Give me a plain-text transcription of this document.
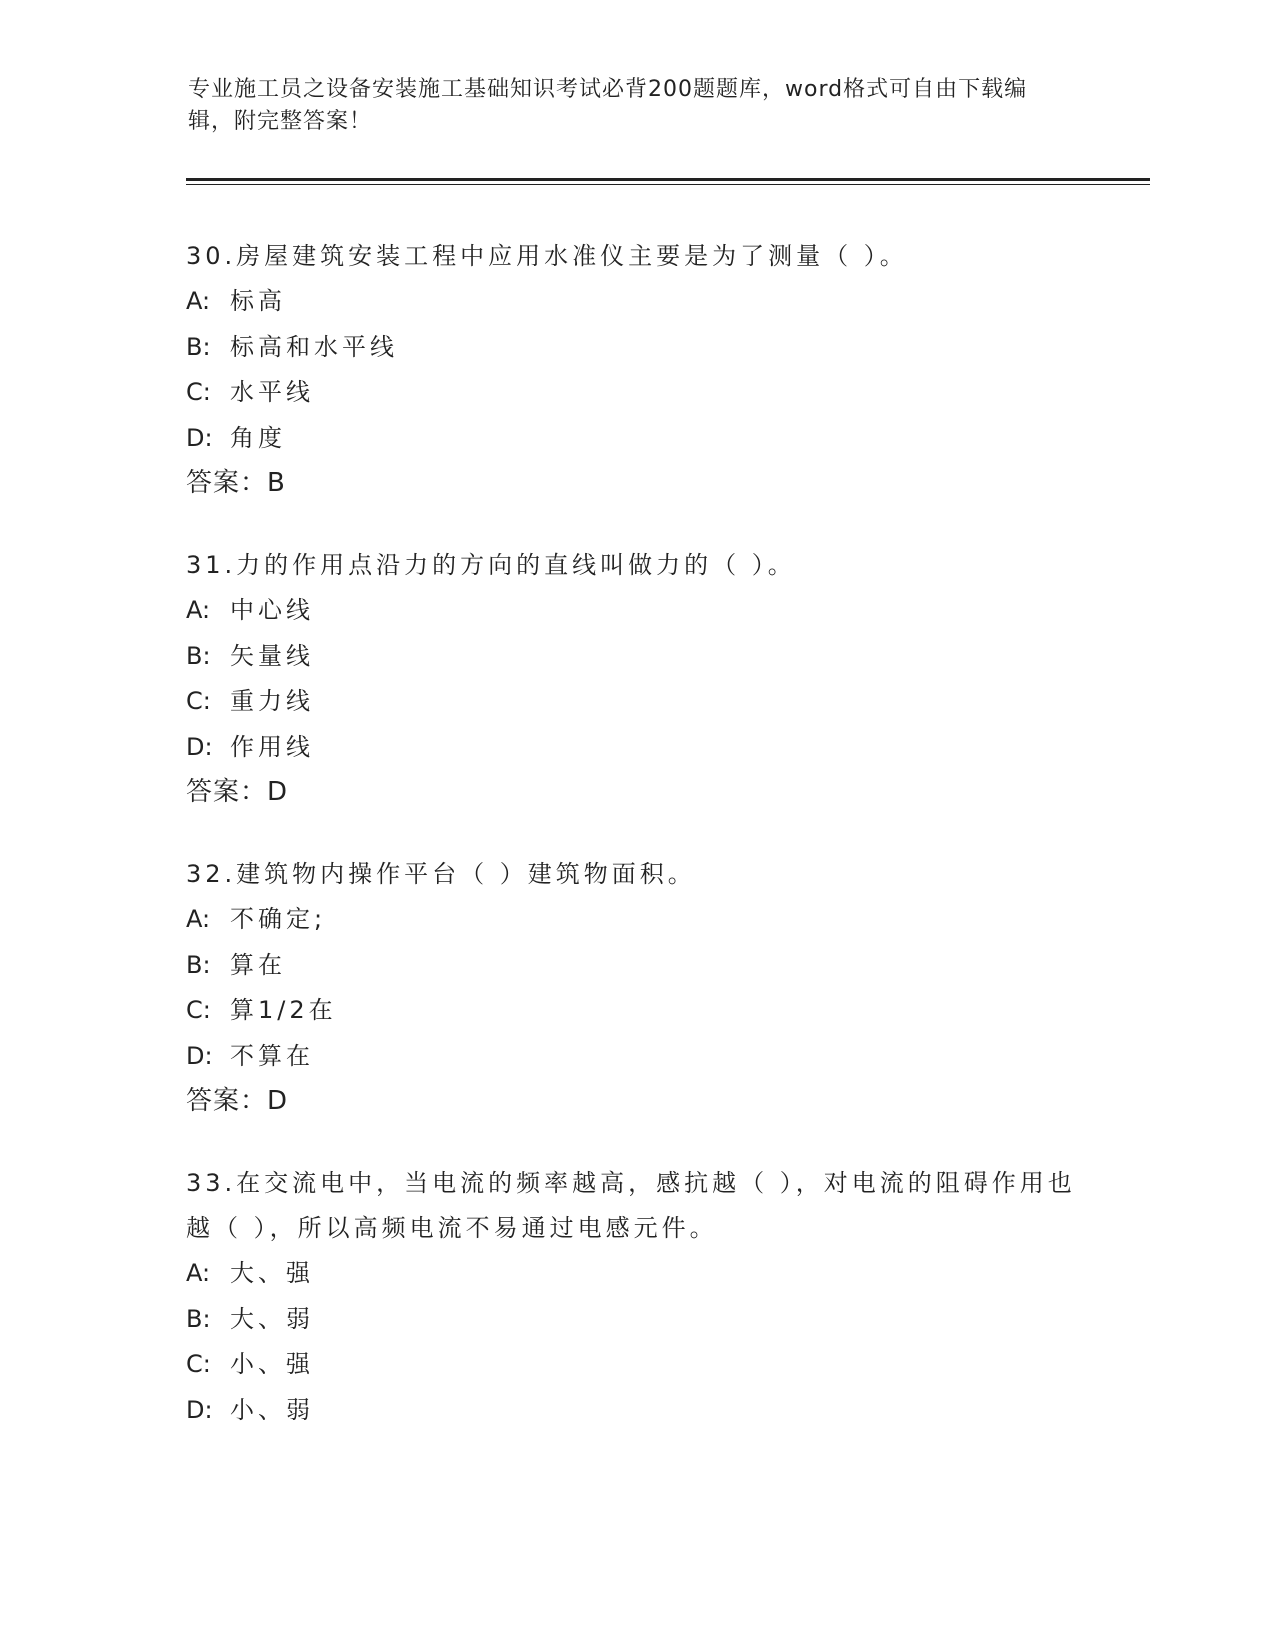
专业施工员之设备安装施工基础知识考试必背200题题库，word格式可自由下载编辑，附完整答案！

30.房屋建筑安装工程中应用水准仪主要是为了测量（ ）。

A: 标高

B: 标高和水平线

C: 水平线

D: 角度

答案：B

31.力的作用点沿力的方向的直线叫做力的（ ）。

A: 中心线

B: 矢量线

C: 重力线

D: 作用线

答案：D

32.建筑物内操作平台（ ）建筑物面积。

A: 不确定;

B: 算在

C: 算1/2在

D: 不算在

答案：D

33.在交流电中，当电流的频率越高，感抗越（ ），对电流的阻碍作用也越（ ），所以高频电流不易通过电感元件。

A: 大、强

B: 大、弱

C: 小、强

D: 小、弱
